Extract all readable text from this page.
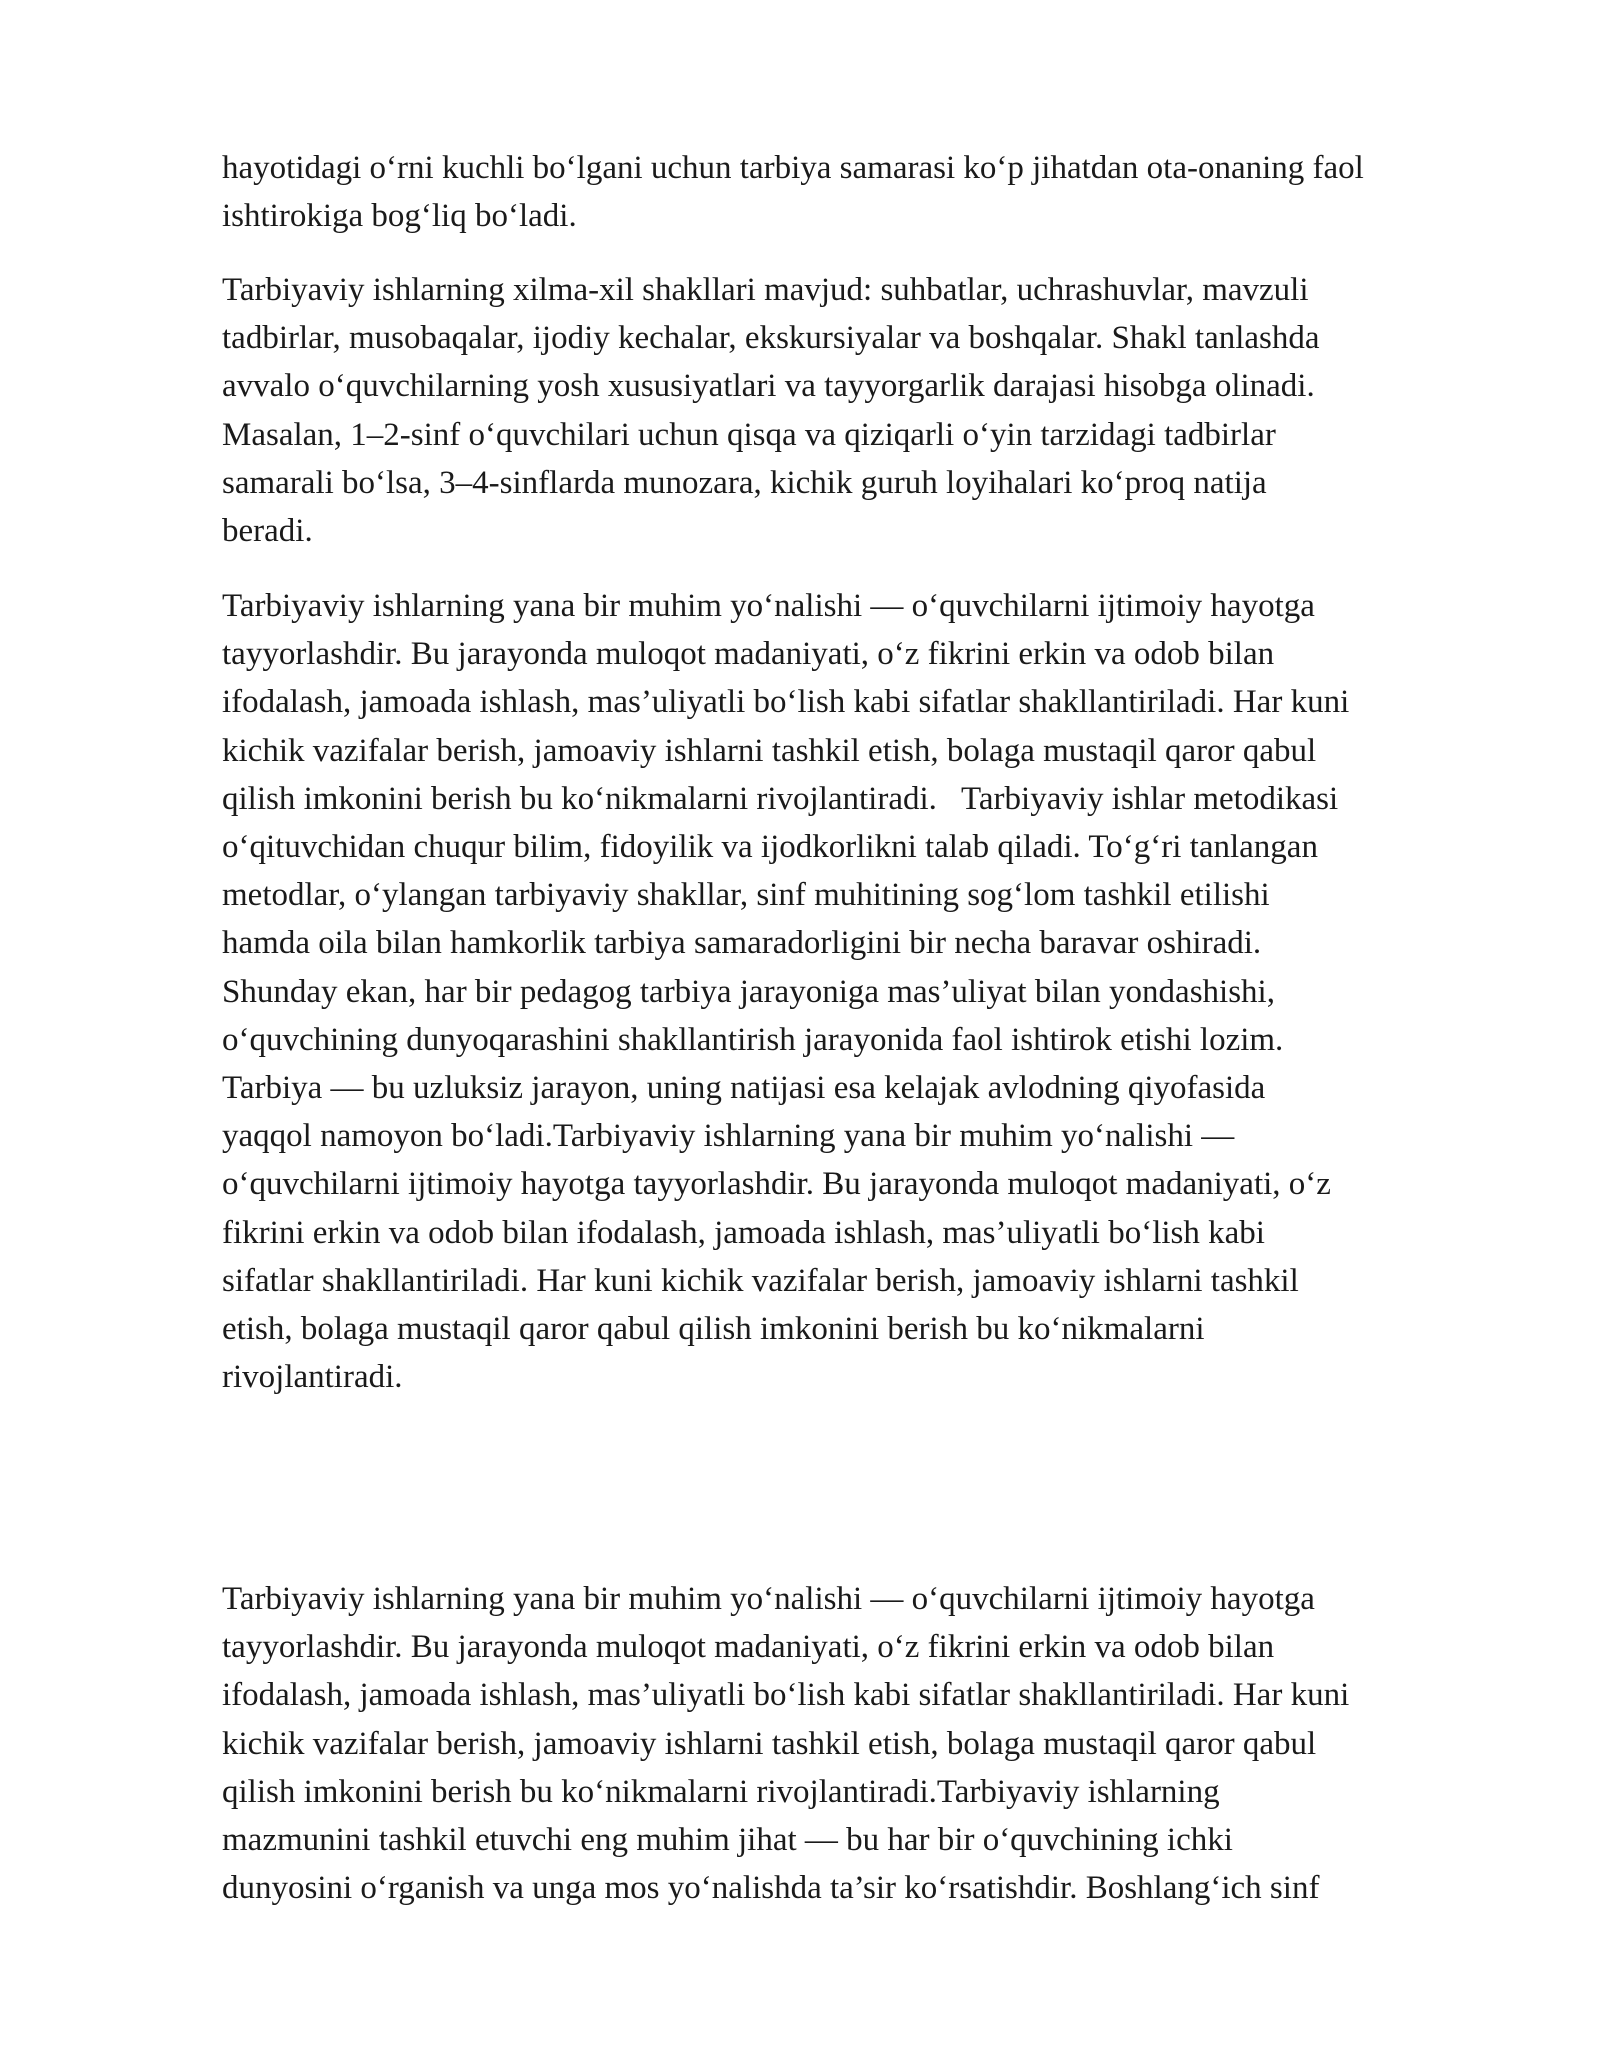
hayotidagi o‘rni kuchli bo‘lgani uchun tarbiya samarasi ko‘p jihatdan ota-onaning faol
ishtirokiga bog‘liq bo‘ladi.

Tarbiyaviy ishlarning xilma-xil shakllari mavjud: suhbatlar, uchrashuvlar, mavzuli
tadbirlar, musobaqalar, ijodiy kechalar, ekskursiyalar va boshqalar. Shakl tanlashda
avvalo o‘quvchilarning yosh xususiyatlari va tayyorgarlik darajasi hisobga olinadi.
Masalan, 1–2-sinf o‘quvchilari uchun qisqa va qiziqarli o‘yin tarzidagi tadbirlar
samarali bo‘lsa, 3–4-sinflarda munozara, kichik guruh loyihalari ko‘proq natija
beradi.

Tarbiyaviy ishlarning yana bir muhim yo‘nalishi — o‘quvchilarni ijtimoiy hayotga
tayyorlashdir. Bu jarayonda muloqot madaniyati, o‘z fikrini erkin va odob bilan
ifodalash, jamoada ishlash, mas’uliyatli bo‘lish kabi sifatlar shakllantiriladi. Har kuni
kichik vazifalar berish, jamoaviy ishlarni tashkil etish, bolaga mustaqil qaror qabul
qilish imkonini berish bu ko‘nikmalarni rivojlantiradi.   Tarbiyaviy ishlar metodikasi
o‘qituvchidan chuqur bilim, fidoyilik va ijodkorlikni talab qiladi. To‘g‘ri tanlangan
metodlar, o‘ylangan tarbiyaviy shakllar, sinf muhitining sog‘lom tashkil etilishi
hamda oila bilan hamkorlik tarbiya samaradorligini bir necha baravar oshiradi.
Shunday ekan, har bir pedagog tarbiya jarayoniga mas’uliyat bilan yondashishi,
o‘quvchining dunyoqarashini shakllantirish jarayonida faol ishtirok etishi lozim.
Tarbiya — bu uzluksiz jarayon, uning natijasi esa kelajak avlodning qiyofasida
yaqqol namoyon bo‘ladi.Tarbiyaviy ishlarning yana bir muhim yo‘nalishi —
o‘quvchilarni ijtimoiy hayotga tayyorlashdir. Bu jarayonda muloqot madaniyati, o‘z
fikrini erkin va odob bilan ifodalash, jamoada ishlash, mas’uliyatli bo‘lish kabi
sifatlar shakllantiriladi. Har kuni kichik vazifalar berish, jamoaviy ishlarni tashkil
etish, bolaga mustaqil qaror qabul qilish imkonini berish bu ko‘nikmalarni
rivojlantiradi.

Tarbiyaviy ishlarning yana bir muhim yo‘nalishi — o‘quvchilarni ijtimoiy hayotga
tayyorlashdir. Bu jarayonda muloqot madaniyati, o‘z fikrini erkin va odob bilan
ifodalash, jamoada ishlash, mas’uliyatli bo‘lish kabi sifatlar shakllantiriladi. Har kuni
kichik vazifalar berish, jamoaviy ishlarni tashkil etish, bolaga mustaqil qaror qabul
qilish imkonini berish bu ko‘nikmalarni rivojlantiradi.Tarbiyaviy ishlarning
mazmunini tashkil etuvchi eng muhim jihat — bu har bir o‘quvchining ichki
dunyosini o‘rganish va unga mos yo‘nalishda ta’sir ko‘rsatishdir. Boshlang‘ich sinf
